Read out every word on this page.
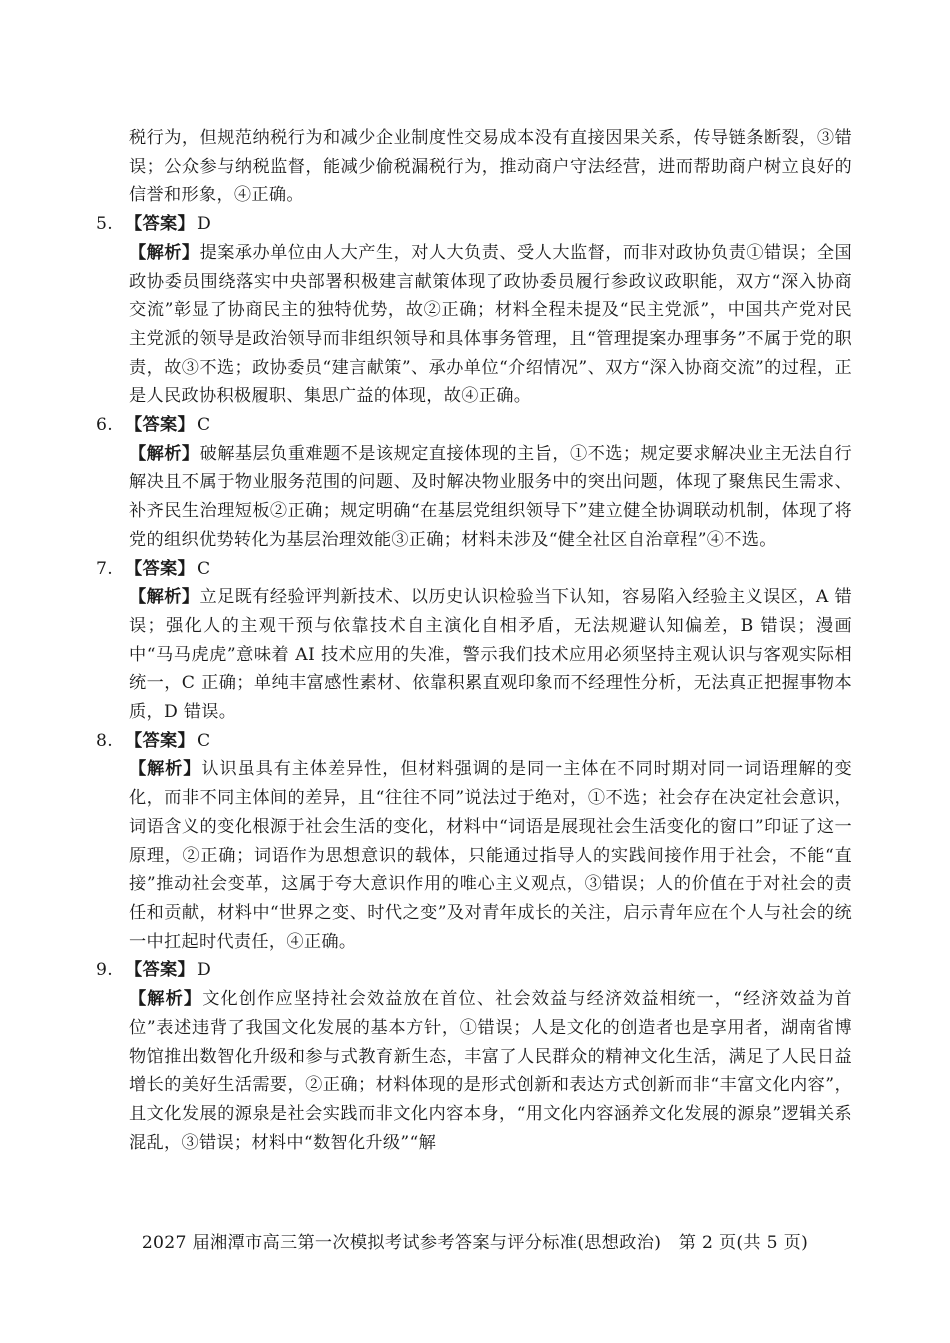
税行为，但规范纳税行为和减少企业制度性交易成本没有直接因果关系，传导链条断裂，③错误；公众参与纳税监督，能减少偷税漏税行为，推动商户守法经营，进而帮助商户树立良好的信誉和形象，④正确。

5. 【答案】 D

【解析】提案承办单位由人大产生，对人大负责、受人大监督，而非对政协负责①错误；全国政协委员围绕落实中央部署积极建言献策体现了政协委员履行参政议政职能，双方“深入协商交流”彰显了协商民主的独特优势，故②正确；材料全程未提及“民主党派”，中国共产党对民主党派的领导是政治领导而非组织领导和具体事务管理，且“管理提案办理事务”不属于党的职责，故③不选；政协委员“建言献策”、承办单位“介绍情况”、双方“深入协商交流”的过程，正是人民政协积极履职、集思广益的体现，故④正确。

6. 【答案】 C

【解析】破解基层负重难题不是该规定直接体现的主旨，①不选；规定要求解决业主无法自行解决且不属于物业服务范围的问题、及时解决物业服务中的突出问题，体现了聚焦民生需求、补齐民生治理短板②正确；规定明确“在基层党组织领导下”建立健全协调联动机制，体现了将党的组织优势转化为基层治理效能③正确；材料未涉及“健全社区自治章程”④不选。

7. 【答案】 C

【解析】立足既有经验评判新技术、以历史认识检验当下认知，容易陷入经验主义误区，A 错误；强化人的主观干预与依靠技术自主演化自相矛盾，无法规避认知偏差，B 错误；漫画中“马马虎虎”意味着 AI 技术应用的失准，警示我们技术应用必须坚持主观认识与客观实际相统一，C 正确；单纯丰富感性素材、依靠积累直观印象而不经理性分析，无法真正把握事物本质，D 错误。

8. 【答案】 C

【解析】认识虽具有主体差异性，但材料强调的是同一主体在不同时期对同一词语理解的变化，而非不同主体间的差异，且“往往不同”说法过于绝对，①不选；社会存在决定社会意识，词语含义的变化根源于社会生活的变化，材料中“词语是展现社会生活变化的窗口”印证了这一原理，②正确；词语作为思想意识的载体，只能通过指导人的实践间接作用于社会，不能“直接”推动社会变革，这属于夸大意识作用的唯心主义观点，③错误；人的价值在于对社会的责任和贡献，材料中“世界之变、时代之变”及对青年成长的关注，启示青年应在个人与社会的统一中扛起时代责任，④正确。

9. 【答案】 D

【解析】文化创作应坚持社会效益放在首位、社会效益与经济效益相统一，“经济效益为首位”表述违背了我国文化发展的基本方针，①错误；人是文化的创造者也是享用者，湖南省博物馆推出数智化升级和参与式教育新生态，丰富了人民群众的精神文化生活，满足了人民日益增长的美好生活需要，②正确；材料体现的是形式创新和表达方式创新而非“丰富文化内容”，且文化发展的源泉是社会实践而非文化内容本身，“用文化内容涵养文化发展的源泉”逻辑关系混乱，③错误；材料中“数智化升级”“解

2027 届湘潭市高三第一次模拟考试参考答案与评分标准(思想政治)　第 2 页(共 5 页)
